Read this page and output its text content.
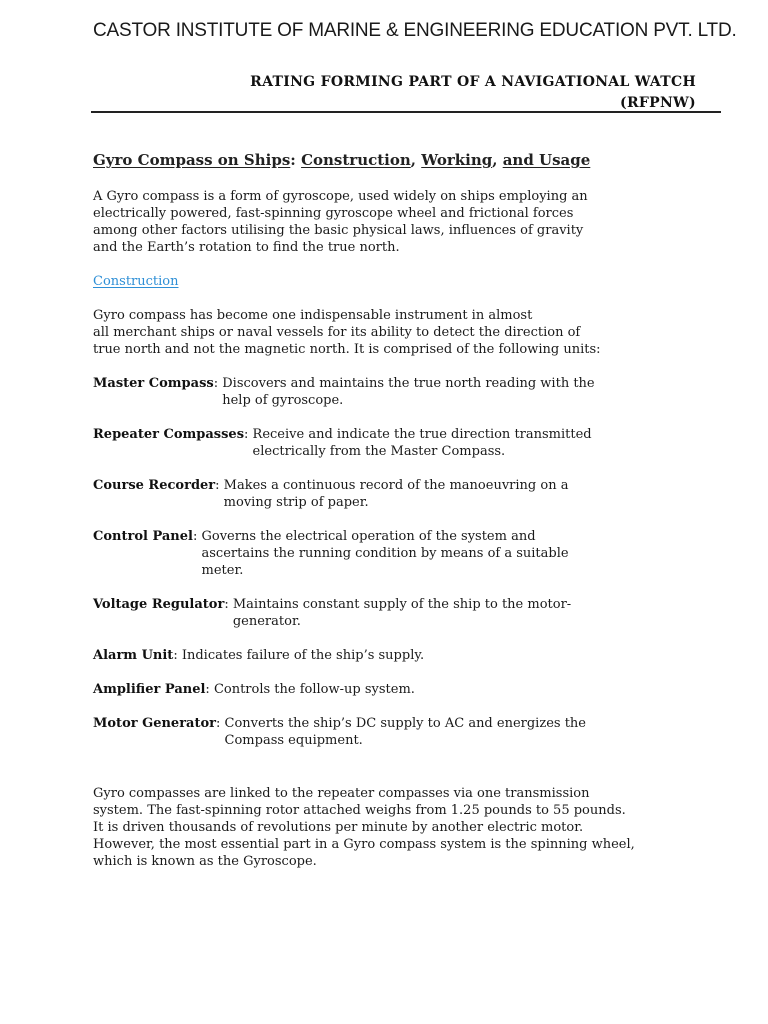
CASTOR INSTITUTE OF MARINE & ENGINEERING EDUCATION PVT. LTD.
RATING FORMING PART OF A NAVIGATIONAL WATCH
(RFPNW)
Gyro Compass on Ships: Construction, Working, and Usage

A Gyro compass is a form of gyroscope, used widely on ships employing an
electrically powered, fast-spinning gyroscope wheel and frictional forces
among other factors utilising the basic physical laws, influences of gravity
and the Earth’s rotation to find the true north.

Construction

Gyro compass has become one indispensable instrument in almost
all merchant ships or naval vessels for its ability to detect the direction of
true north and not the magnetic north. It is comprised of the following units:

Master Compass : Discovers and maintains the true north reading with the
help of gyroscope.
Repeater Compasses : Receive and indicate the true direction transmitted
electrically from the Master Compass.
Course Recorder : Makes a continuous record of the manoeuvring on a
moving strip of paper.
Control Panel : Governs the electrical operation of the system and
ascertains the running condition by means of a suitable
meter.
Voltage Regulator : Maintains constant supply of the ship to the motor-
generator.
Alarm Unit : Indicates failure of the ship’s supply.
Amplifier Panel : Controls the follow-up system.
Motor Generator : Converts the ship’s DC supply to AC and energizes the
Compass equipment.

Gyro compasses are linked to the repeater compasses via one transmission
system. The fast-spinning rotor attached weighs from 1.25 pounds to 55 pounds.
It is driven thousands of revolutions per minute by another electric motor.
However, the most essential part in a Gyro compass system is the spinning wheel,
which is known as the Gyroscope.
